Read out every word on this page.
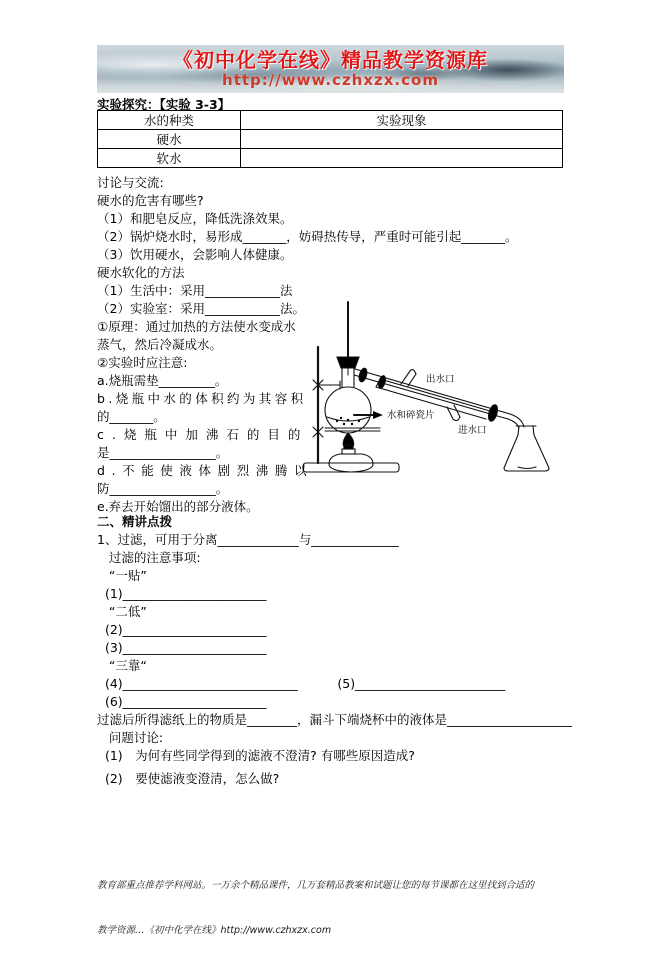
《初中化学在线》精品教学资源库
http://www.czhxzx.com
实验探究：【实验 3-3】
水的种类	实验现象
硬水	
软水	
讨论与交流:
硬水的危害有哪些?
（1）和肥皂反应，降低洗涤效果。
（2）锅炉烧水时，易形成_______，妨碍热传导，严重时可能引起_______。
（3）饮用硬水，会影响人体健康。
硬水软化的方法
（1）生活中：采用____________法
（2）实验室：采用____________法。
①原理：通过加热的方法使水变成水
蒸气，然后冷凝成水。
②实验时应注意:
a.烧瓶需垫_________。
b.烧瓶中水的体积约为其容积
的_______。
c.烧瓶中加沸石的目的
是_________________。
d.不能使液体剧烈沸腾以
防_________________。
e.弃去开始馏出的部分液体。
水和碎瓷片
出水口
进水口
二、精讲点拨
1、过滤，可用于分离_____________与______________
过滤的注意事项:
“一贴”
(1)_______________________
“二低”
(2)_______________________
(3)_______________________
“三靠“
(4)____________________________          (5)________________________
(6)_______________________
过滤后所得滤纸上的物质是________，漏斗下端烧杯中的液体是____________________
问题讨论:
(1)　为何有些同学得到的滤液不澄清? 有哪些原因造成?
(2)　要使滤液变澄清，怎么做?

教育部重点推荐学科网站。一万余个精品课件，几万套精品教案和试题让您的每节课都在这里找到合适的

教学资源…《初中化学在线》http://www.czhxzx.com
